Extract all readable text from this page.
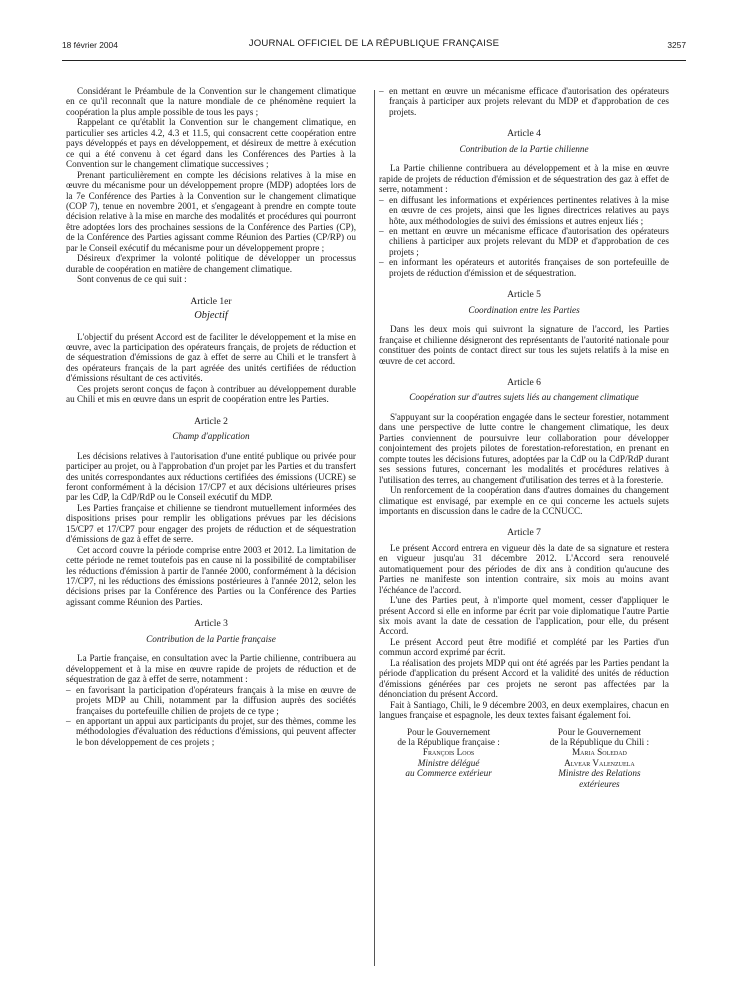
18 février 2004	JOURNAL OFFICIEL DE LA RÉPUBLIQUE FRANÇAISE	3257

Considérant le Préambule de la Convention sur le changement climatique en ce qu'il reconnaît que la nature mondiale de ce phénomène requiert la coopération la plus ample possible de tous les pays ;

Rappelant ce qu'établit la Convention sur le changement climatique, en particulier ses articles 4.2, 4.3 et 11.5, qui consacrent cette coopération entre pays développés et pays en développement, et désireux de mettre à exécution ce qui a été convenu à cet égard dans les Conférences des Parties à la Convention sur le changement climatique successives ;

Prenant particulièrement en compte les décisions relatives à la mise en œuvre du mécanisme pour un développement propre (MDP) adoptées lors de la 7e Conférence des Parties à la Convention sur le changement climatique (COP 7), tenue en novembre 2001, et s'engageant à prendre en compte toute décision relative à la mise en marche des modalités et procédures qui pourront être adoptées lors des prochaines sessions de la Conférence des Parties (CP), de la Conférence des Parties agissant comme Réunion des Parties (CP/RP) ou par le Conseil exécutif du mécanisme pour un développement propre ;

Désireux d'exprimer la volonté politique de développer un processus durable de coopération en matière de changement climatique.

Sont convenus de ce qui suit :

Article 1er
Objectif

L'objectif du présent Accord est de faciliter le développement et la mise en œuvre, avec la participation des opérateurs français, de projets de réduction et de séquestration d'émissions de gaz à effet de serre au Chili et le transfert à des opérateurs français de la part agréée des unités certifiées de réduction d'émissions résultant de ces activités.

Ces projets seront conçus de façon à contribuer au développement durable au Chili et mis en œuvre dans un esprit de coopération entre les Parties.

Article 2
Champ d'application

Les décisions relatives à l'autorisation d'une entité publique ou privée pour participer au projet, ou à l'approbation d'un projet par les Parties et du transfert des unités correspondantes aux réductions certifiées des émissions (UCRE) se feront conformément à la décision 17/CP7 et aux décisions ultérieures prises par les CdP, la CdP/RdP ou le Conseil exécutif du MDP.

Les Parties française et chilienne se tiendront mutuellement informées des dispositions prises pour remplir les obligations prévues par les décisions 15/CP7 et 17/CP7 pour engager des projets de réduction et de séquestration d'émissions de gaz à effet de serre.

Cet accord couvre la période comprise entre 2003 et 2012. La limitation de cette période ne remet toutefois pas en cause ni la possibilité de comptabiliser les réductions d'émission à partir de l'année 2000, conformément à la décision 17/CP7, ni les réductions des émissions postérieures à l'année 2012, selon les décisions prises par la Conférence des Parties ou la Conférence des Parties agissant comme Réunion des Parties.

Article 3
Contribution de la Partie française

La Partie française, en consultation avec la Partie chilienne, contribuera au développement et à la mise en œuvre rapide de projets de réduction et de séquestration de gaz à effet de serre, notamment :

– en favorisant la participation d'opérateurs français à la mise en œuvre de projets MDP au Chili, notamment par la diffusion auprès des sociétés françaises du portefeuille chilien de projets de ce type ;
– en apportant un appui aux participants du projet, sur des thèmes, comme les méthodologies d'évaluation des réductions d'émissions, qui peuvent affecter le bon développement de ces projets ;
– en mettant en œuvre un mécanisme efficace d'autorisation des opérateurs français à participer aux projets relevant du MDP et d'approbation de ces projets.
Article 4
Contribution de la Partie chilienne

La Partie chilienne contribuera au développement et à la mise en œuvre rapide de projets de réduction d'émission et de séquestration des gaz à effet de serre, notamment :

– en diffusant les informations et expériences pertinentes relatives à la mise en œuvre de ces projets, ainsi que les lignes directrices relatives au pays hôte, aux méthodologies de suivi des émissions et autres enjeux liés ;
– en mettant en œuvre un mécanisme efficace d'autorisation des opérateurs chiliens à participer aux projets relevant du MDP et d'approbation de ces projets ;
– en informant les opérateurs et autorités françaises de son portefeuille de projets de réduction d'émission et de séquestration.
Article 5
Coordination entre les Parties

Dans les deux mois qui suivront la signature de l'accord, les Parties française et chilienne désigneront des représentants de l'autorité nationale pour constituer des points de contact direct sur tous les sujets relatifs à la mise en œuvre de cet accord.

Article 6
Coopération sur d'autres sujets liés au changement climatique

S'appuyant sur la coopération engagée dans le secteur forestier, notamment dans une perspective de lutte contre le changement climatique, les deux Parties conviennent de poursuivre leur collaboration pour développer conjointement des projets pilotes de forestation-reforestation, en prenant en compte toutes les décisions futures, adoptées par la CdP ou la CdP/RdP durant ses sessions futures, concernant les modalités et procédures relatives à l'utilisation des terres, au changement d'utilisation des terres et à la foresterie.

Un renforcement de la coopération dans d'autres domaines du changement climatique est envisagé, par exemple en ce qui concerne les actuels sujets importants en discussion dans le cadre de la CCNUCC.

Article 7

Le présent Accord entrera en vigueur dès la date de sa signature et restera en vigueur jusqu'au 31 décembre 2012. L'Accord sera renouvelé automatiquement pour des périodes de dix ans à condition qu'aucune des Parties ne manifeste son intention contraire, six mois au moins avant l'échéance de l'accord.

L'une des Parties peut, à n'importe quel moment, cesser d'appliquer le présent Accord si elle en informe par écrit par voie diplomatique l'autre Partie six mois avant la date de cessation de l'application, pour elle, du présent Accord.

Le présent Accord peut être modifié et complété par les Parties d'un commun accord exprimé par écrit.

La réalisation des projets MDP qui ont été agréés par les Parties pendant la période d'application du présent Accord et la validité des unités de réduction d'émissions générées par ces projets ne seront pas affectées par la dénonciation du présent Accord.

Fait à Santiago, Chili, le 9 décembre 2003, en deux exemplaires, chacun en langues française et espagnole, les deux textes faisant également foi.

Pour le Gouvernement
de la République française :
François Loos
Ministre délégué
au Commerce extérieur
Pour le Gouvernement
de la République du Chili :
Maria Soledad
Alvear Valenzuela
Ministre des Relations
extérieures
